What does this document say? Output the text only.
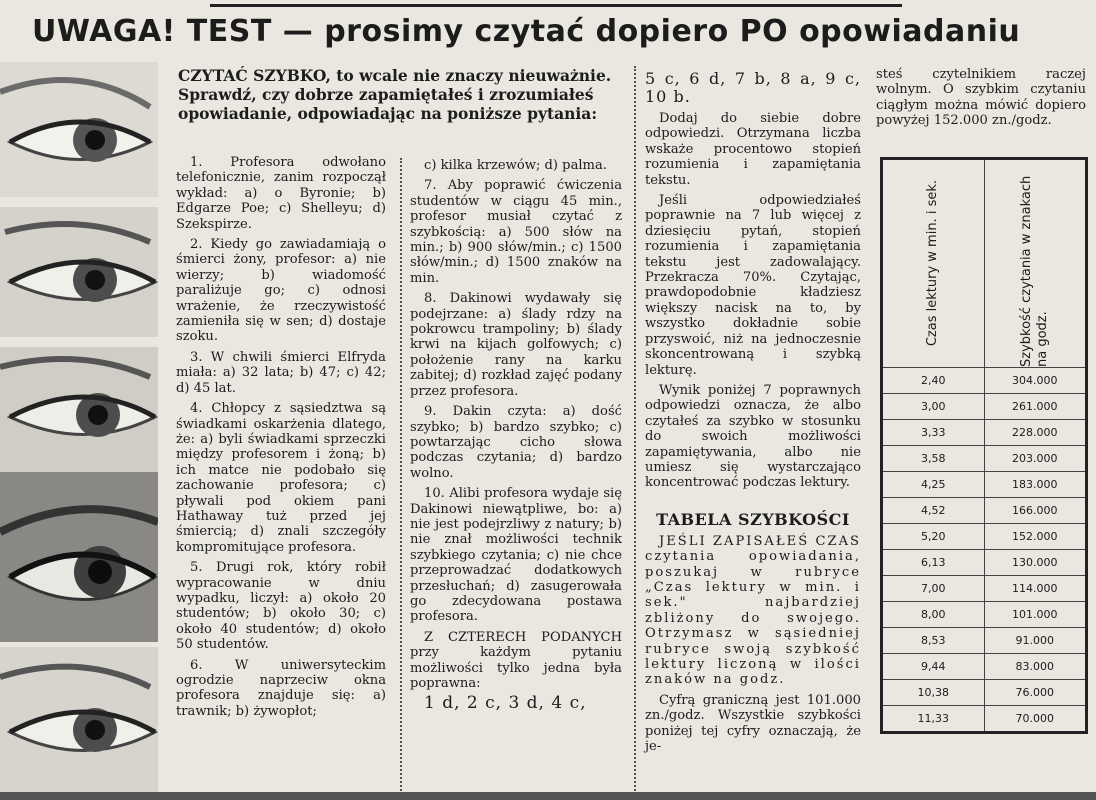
UWAGA! TEST — prosimy czytać dopiero PO opowiadaniu
CZYTAĆ SZYBKO, to wcale nie znaczy nieuważnie. Sprawdź, czy dobrze zapamiętałeś i zrozumiałeś opowiadanie, odpowiadając na poniższe pytania:

1. Profesora odwołano telefonicznie, zanim rozpoczął wykład: a) o Byronie; b) Edgarze Poe; c) Shelleyu; d) Szekspirze.

2. Kiedy go zawiadamiają o śmierci żony, profesor: a) nie wierzy; b) wiadomość paraliżuje go; c) odnosi wrażenie, że rzeczywistość zamieniła się w sen; d) dostaje szoku.

3. W chwili śmierci Elfryda miała: a) 32 lata; b) 47; c) 42; d) 45 lat.

4. Chłopcy z sąsiedztwa są świadkami oskarżenia dlatego, że: a) byli świadkami sprzeczki między profesorem i żoną; b) ich matce nie podobało się zachowanie profesora; c) pływali pod okiem pani Hathaway tuż przed jej śmiercią; d) znali szczegóły kompromitujące profesora.

5. Drugi rok, który robił wypracowanie w dniu wypadku, liczył: a) około 20 studentów; b) około 30; c) około 40 studentów; d) około 50 studentów.

6. W uniwersyteckim ogrodzie naprzeciw okna profesora znajduje się: a) trawnik; b) żywopłot;

c) kilka krzewów; d) palma.

7. Aby poprawić ćwiczenia studentów w ciągu 45 min., profesor musiał czytać z szybkością: a) 500 słów na min.; b) 900 słów/min.; c) 1500 słów/min.; d) 1500 znaków na min.

8. Dakinowi wydawały się podejrzane: a) ślady rdzy na pokrowcu trampoliny; b) ślady krwi na kijach golfowych; c) położenie rany na karku zabitej; d) rozkład zajęć podany przez profesora.

9. Dakin czyta: a) dość szybko; b) bardzo szybko; c) powtarzając cicho słowa podczas czytania; d) bardzo wolno.

10. Alibi profesora wydaje się Dakinowi niewątpliwe, bo: a) nie jest podejrzliwy z natury; b) nie znał możliwości technik szybkiego czytania; c) nie chce przeprowadzać dodatkowych przesłuchań; d) zasugerowała go zdecydowana postawa profesora.

Z CZTERECH PODANYCH przy każdym pytaniu możliwości tylko jedna była poprawna:

1 d, 2 c, 3 d, 4 c,

5 c, 6 d, 7 b, 8 a, 9 c, 10 b.

Dodaj do siebie dobre odpowiedzi. Otrzymana liczba wskaże procentowo stopień rozumienia i zapamiętania tekstu.

Jeśli odpowiedziałeś poprawnie na 7 lub więcej z dziesięciu pytań, stopień rozumienia i zapamiętania tekstu jest zadowalający. Przekracza 70%. Czytając, prawdopodobnie kładziesz większy nacisk na to, by wszystko dokładnie sobie przyswoić, niż na jednoczesnie skoncentrowaną i szybką lekturę.

Wynik poniżej 7 poprawnych odpowiedzi oznacza, że albo czytałeś za szybko w stosunku do swoich możliwości zapamiętywania, albo nie umiesz się wystarczająco koncentrować podczas lektury.

TABELA SZYBKOŚCI

JEŚLI ZAPISAŁEŚ CZAS czytania opowiadania, poszukaj w rubryce „Czas lektury w min. i sek." najbardziej zbliżony do swojego. Otrzymasz w sąsiedniej rubryce swoją szybkość lektury liczoną w ilości znaków na godz.

Cyfrą graniczną jest 101.000 zn./godz. Wszystkie szybkości poniżej tej cyfry oznaczają, że je-

steś czytelnikiem raczej wolnym. O szybkim czytaniu ciągłym można mówić dopiero powyżej 152.000 zn./godz.

Czas lektury w min. i sek.	Szybkość czytania w znakach na godz.

2,40	304.000
3,00	261.000
3,33	228.000
3,58	203.000
4,25	183.000
4,52	166.000
5,20	152.000
6,13	130.000
7,00	114.000
8,00	101.000
8,53	91.000
9,44	83.000
10,38	76.000
11,33	70.000
